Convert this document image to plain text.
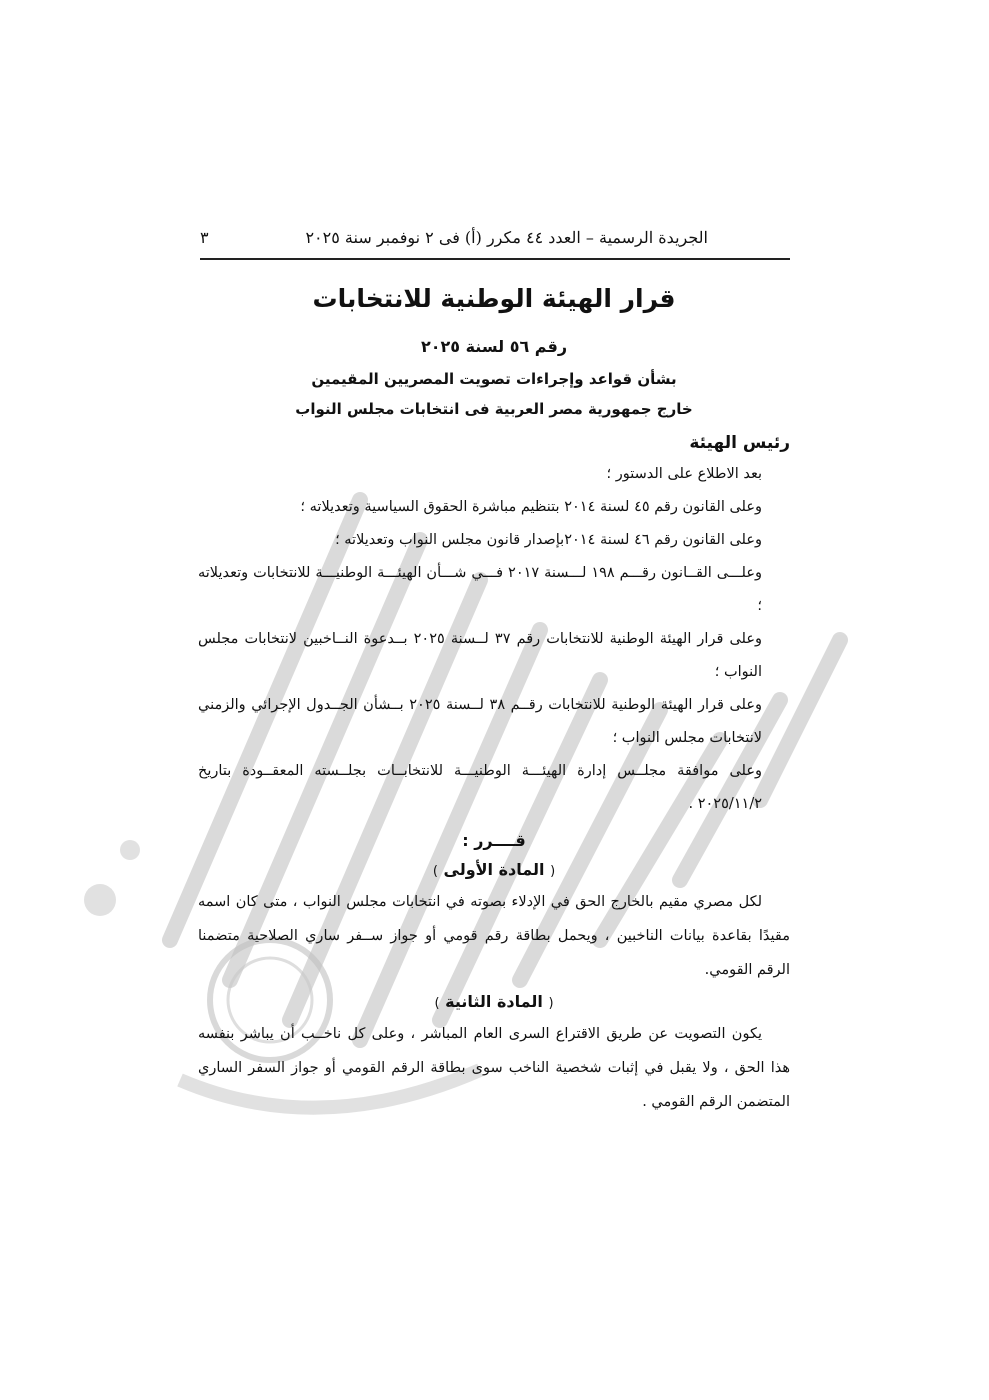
الجريدة الرسمية – العدد ٤٤ مكرر (أ) فى ٢ نوفمبر سنة ٢٠٢٥
٣
قرار الهيئة الوطنية للانتخابات
رقم ٥٦ لسنة ٢٠٢٥
بشأن قواعد وإجراءات تصويت المصريين المقيمين
خارج جمهورية مصر العربية فى انتخابات مجلس النواب
رئيس الهيئة
بعد الاطلاع على الدستور ؛
وعلى القانون رقم ٤٥ لسنة ٢٠١٤ بتنظيم مباشرة الحقوق السياسية وتعديلاته ؛
وعلى القانون رقم ٤٦ لسنة ٢٠١٤بإصدار قانون مجلس النواب وتعديلاته ؛
وعلـــى القــانون رقـــم ١٩٨ لـــسنة ٢٠١٧ فـــي شـــأن الهيئـــة الوطنيـــة للانتخابات وتعديلاته ؛
وعلى قرار الهيئة الوطنية للانتخابات رقم ٣٧ لــسنة ٢٠٢٥ بــدعوة النــاخبين لانتخابات مجلس النواب ؛
وعلى قرار الهيئة الوطنية للانتخابات رقــم ٣٨ لــسنة ٢٠٢٥ بــشأن الجــدول الإجرائي والزمني لانتخابات مجلس النواب ؛
وعلى موافقة مجلــس إدارة الهيئـــة الوطنيـــة للانتخابــات بجلــسته المعقــودة بتاريخ ٢٠٢٥/١١/٢ .
قــــرر :
( المادة الأولى )

لكل مصري مقيم بالخارج الحق في الإدلاء بصوته في انتخابات مجلس النواب ، متى كان اسمه مقيدًا بقاعدة بيانات الناخبين ، ويحمل بطاقة رقم قومي أو جواز ســفر ساري الصلاحية متضمنا الرقم القومي.

( المادة الثانية )

يكون التصويت عن طريق الاقتراع السرى العام المباشر ، وعلى كل ناخــب أن يباشر بنفسه هذا الحق ، ولا يقبل في إثبات شخصية الناخب سوى بطاقة الرقم القومي أو جواز السفر الساري المتضمن الرقم القومي .
